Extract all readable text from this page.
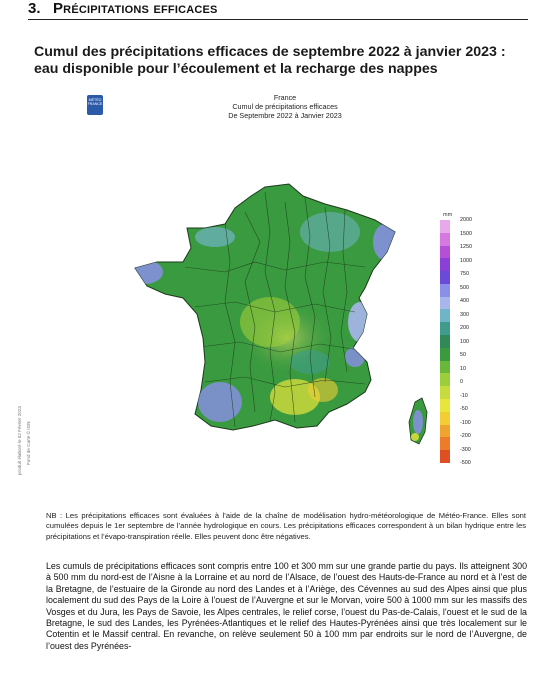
3. Précipitations efficaces
Cumul des précipitations efficaces de septembre 2022 à janvier 2023 :
eau disponible pour l’écoulement et la recharge des nappes
MÉTÉO FRANCE
France
Cumul de précipitations efficaces
De Septembre 2022 à Janvier 2023
mm
2000
1500
1250
1000
750
500
400
300
200
100
50
10
0
-10
-50
-100
-200
-300
-500
produit élaboré le 02 Février 2023 Fond de Carte © IGN
NB : Les précipitations efficaces sont évaluées à l’aide de la chaîne de modélisation hydro-météorologique de Météo-France. Elles sont cumulées depuis le 1er septembre de l’année hydrologique en cours. Les précipitations efficaces correspondent à un bilan hydrique entre les précipitations et l’évapo-transpiration réelle. Elles peuvent donc être négatives.
Les cumuls de précipitations efficaces sont compris entre 100 et 300 mm sur une grande partie du pays. Ils atteignent 300 à 500 mm du nord-est de l’Aisne à la Lorraine et au nord de l’Alsace, de l’ouest des Hauts-de-France au nord et à l’est de la Bretagne, de l’estuaire de la Gironde au nord des Landes et à l’Ariège, des Cévennes au sud des Alpes ainsi que plus localement du sud des Pays de la Loire à l’ouest de l’Auvergne et sur le Morvan, voire 500 à 1000 mm sur les massifs des Vosges et du Jura, les Pays de Savoie, les Alpes centrales, le relief corse, l’ouest du Pas-de-Calais, l’ouest et le sud de la Bretagne, le sud des Landes, les Pyrénées-Atlantiques et le relief des Hautes-Pyrénées ainsi que très localement sur le Cotentin et le Massif central. En revanche, on relève seulement 50 à 100 mm par endroits sur le nord de l’Auvergne, de l’ouest des Pyrénées-
